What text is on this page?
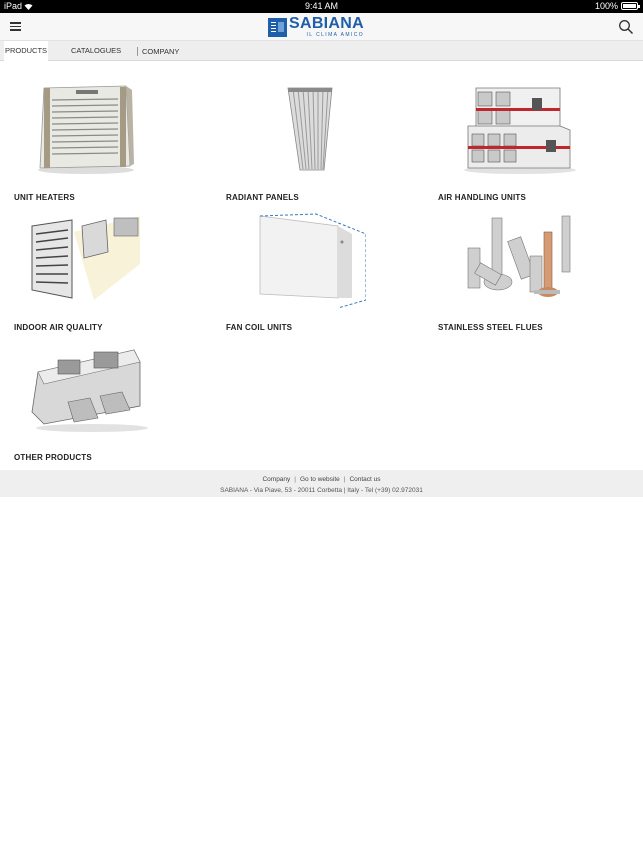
iPad	9:41 AM	100%
SABIANA
IL CLIMA AMICO
PRODUCTS	CATALOGUES	COMPANY
UNIT HEATERS	RADIANT PANELS	AIR HANDLING UNITS
INDOOR AIR QUALITY	FAN COIL UNITS	STAINLESS STEEL FLUES
OTHER PRODUCTS
Company | Go to website | Contact us
SABIANA - Via Piave, 53 - 20011 Corbetta | Italy - Tel (+39) 02.972031
